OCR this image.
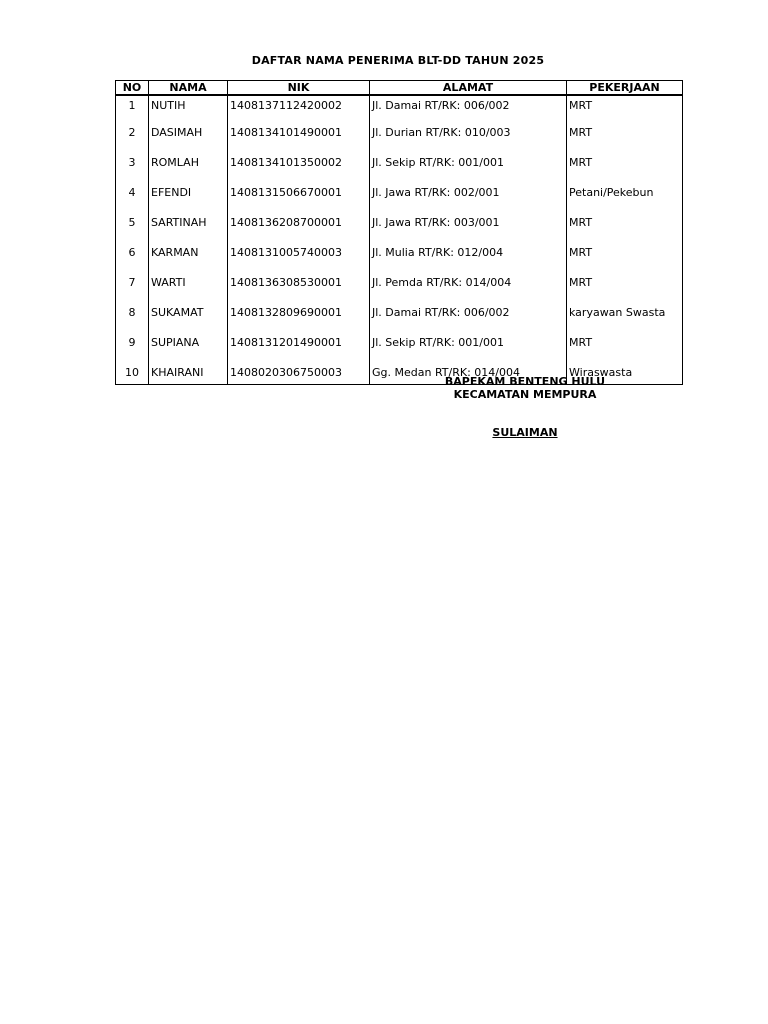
DAFTAR NAMA PENERIMA BLT-DD TAHUN 2025
NO	NAMA	NIK	ALAMAT	PEKERJAAN
1	NUTIH	1408137112420002	Jl. Damai RT/RK: 006/002	MRT
2	DASIMAH	1408134101490001	Jl. Durian RT/RK: 010/003	MRT
3	ROMLAH	1408134101350002	Jl. Sekip RT/RK: 001/001	MRT
4	EFENDI	1408131506670001	Jl. Jawa RT/RK: 002/001	Petani/Pekebun
5	SARTINAH	1408136208700001	Jl. Jawa RT/RK: 003/001	MRT
6	KARMAN	1408131005740003	Jl. Mulia RT/RK: 012/004	MRT
7	WARTI	1408136308530001	Jl. Pemda RT/RK: 014/004	MRT
8	SUKAMAT	1408132809690001	Jl. Damai RT/RK: 006/002	karyawan Swasta
9	SUPIANA	1408131201490001	Jl. Sekip RT/RK: 001/001	MRT
10	KHAIRANI	1408020306750003	Gg. Medan RT/RK: 014/004	Wiraswasta
BAPEKAM BENTENG HULU
KECAMATAN MEMPURA
SULAIMAN
